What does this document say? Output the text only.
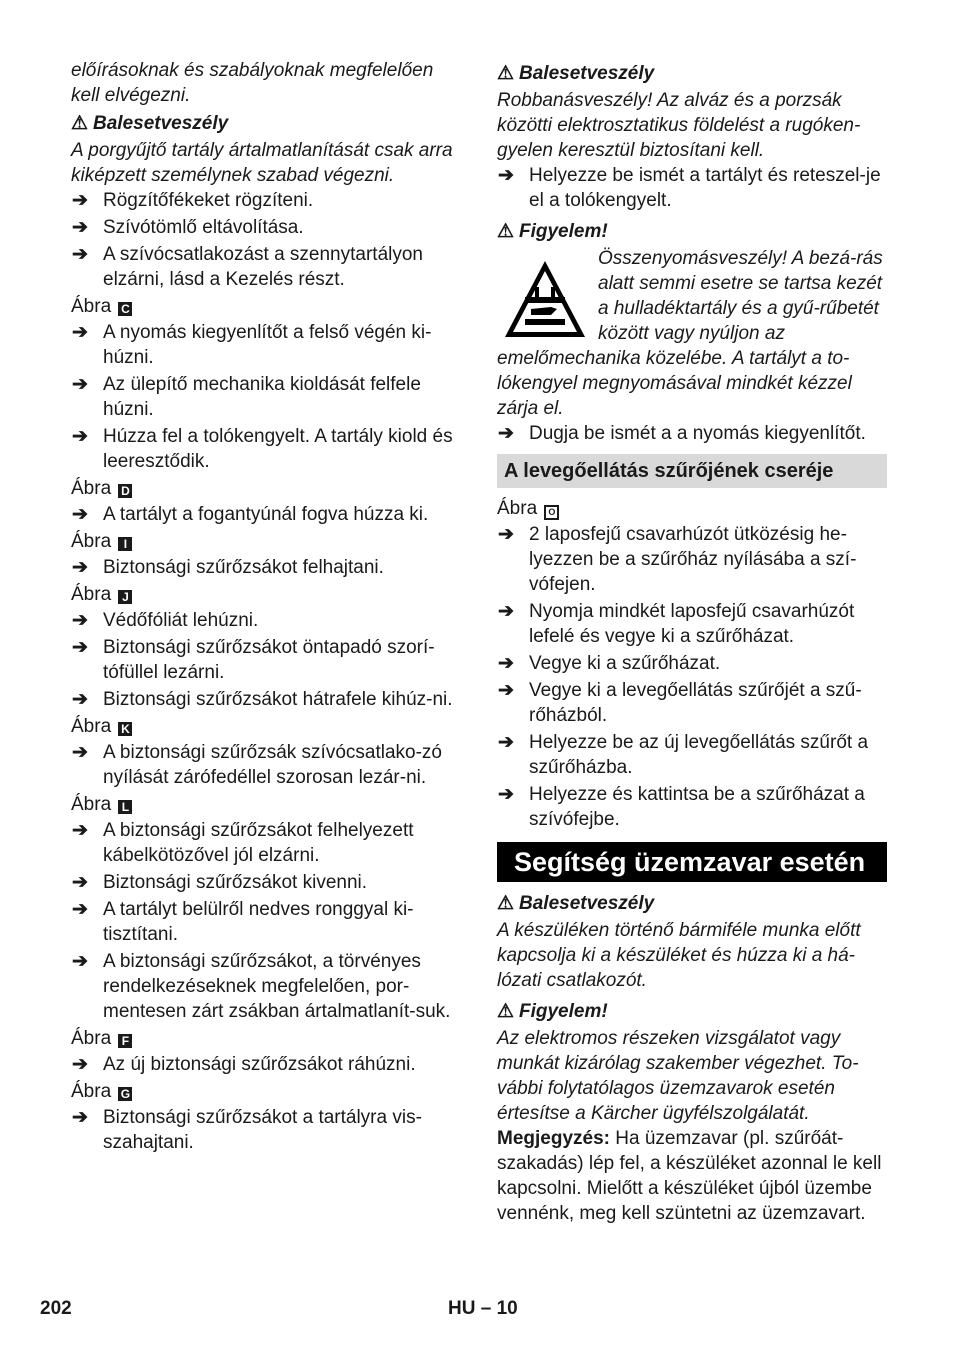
előírásoknak és szabályoknak megfelelően kell elvégezni.

⚠ Balesetveszély

A porgyűjtő tartály ártalmatlanítását csak arra kiképzett személynek szabad végezni.

➔ Rögzítőfékeket rögzíteni.

➔ Szívótömlő eltávolítása.

➔ A szívócsatlakozást a szennytartályon elzárni, lásd a Kezelés részt.

Ábra C

➔ A nyomás kiegyenlítőt a felső végén ki-húzni.

➔ Az ülepítő mechanika kioldását felfele húzni.

➔ Húzza fel a tolókengyelt. A tartály kiold és leeresztődik.

Ábra D

➔ A tartályt a fogantyúnál fogva húzza ki.

Ábra I

➔ Biztonsági szűrőzsákot felhajtani.

Ábra J

➔ Védőfóliát lehúzni.

➔ Biztonsági szűrőzsákot öntapadó szorí-tófüllel lezárni.

➔ Biztonsági szűrőzsákot hátrafele kihúz-ni.

Ábra K

➔ A biztonsági szűrőzsák szívócsatlako-zó nyílását zárófedéllel szorosan lezár-ni.

Ábra L

➔ A biztonsági szűrőzsákot felhelyezett kábelkötözővel jól elzárni.

➔ Biztonsági szűrőzsákot kivenni.

➔ A tartályt belülről nedves ronggyal ki-tisztítani.

➔ A biztonsági szűrőzsákot, a törvényes rendelkezéseknek megfelelően, por-mentesen zárt zsákban ártalmatlanít-suk.

Ábra F

➔ Az új biztonsági szűrőzsákot ráhúzni.

Ábra G

➔ Biztonsági szűrőzsákot a tartályra vis-szahajtani.

⚠ Balesetveszély

Robbanásveszély! Az alváz és a porzsák közötti elektrosztatikus földelést a rugóken-gyelen keresztül biztosítani kell.

➔ Helyezze be ismét a tartályt és reteszel-je el a tolókengyelt.

⚠ Figyelem!

Összenyomásveszély! A bezá-rás alatt semmi esetre se tartsa kezét a hulladéktartály és a gyű-rűbetét között vagy nyúljon az

emelőmechanika közelébe. A tartályt a to-lókengyel megnyomásával mindkét kézzel zárja el.

➔ Dugja be ismét a a nyomás kiegyenlítőt.

A levegőellátás szűrőjének cseréje

Ábra O

➔ 2 laposfejű csavarhúzót ütközésig he-lyezzen be a szűrőház nyílásába a szí-vófejen.

➔ Nyomja mindkét laposfejű csavarhúzót lefelé és vegye ki a szűrőházat.

➔ Vegye ki a szűrőházat.

➔ Vegye ki a levegőellátás szűrőjét a szű-rőházból.

➔ Helyezze be az új levegőellátás szűrőt a szűrőházba.

➔ Helyezze és kattintsa be a szűrőházat a szívófejbe.

Segítség üzemzavar esetén

⚠ Balesetveszély

A készüléken történő bármiféle munka előtt kapcsolja ki a készüléket és húzza ki a há-lózati csatlakozót.

⚠ Figyelem!

Az elektromos részeken vizsgálatot vagy munkát kizárólag szakember végezhet. To-vábbi folytatólagos üzemzavarok esetén értesítse a Kärcher ügyfélszolgálatát.

Megjegyzés: Ha üzemzavar (pl. szűrőát-szakadás) lép fel, a készüléket azonnal le kell kapcsolni. Mielőtt a készüléket újból üzembe vennénk, meg kell szüntetni az üzemzavart.

202	HU – 10
